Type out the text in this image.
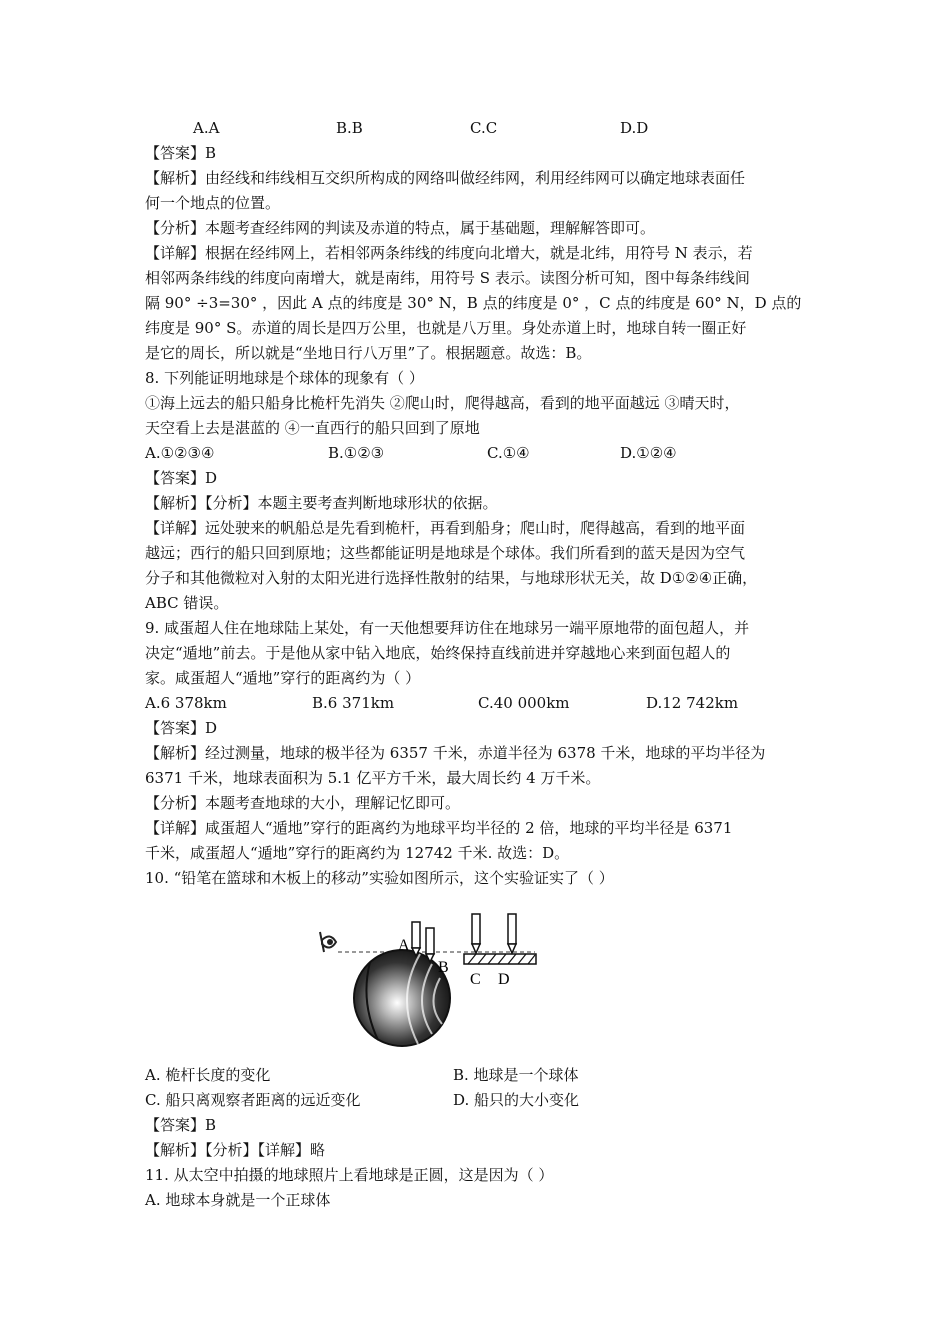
A.A	B.B	C.C	D.D
【答案】B
【解析】由经线和纬线相互交织所构成的网络叫做经纬网，利用经纬网可以确定地球表面任
何一个地点的位置。
【分析】本题考查经纬网的判读及赤道的特点，属于基础题，理解解答即可。
【详解】根据在经纬网上，若相邻两条纬线的纬度向北增大，就是北纬，用符号 N 表示，若
相邻两条纬线的纬度向南增大，就是南纬，用符号 S 表示。读图分析可知，图中每条纬线间
隔 90° ÷3=30° ，因此 A 点的纬度是 30° N，B 点的纬度是 0° ，C 点的纬度是 60° N，D 点的
纬度是 90° S。赤道的周长是四万公里，也就是八万里。身处赤道上时，地球自转一圈正好
是它的周长，所以就是“坐地日行八万里”了。根据题意。故选：B。
8. 下列能证明地球是个球体的现象有（ ）
①海上远去的船只船身比桅杆先消失 ②爬山时，爬得越高，看到的地平面越远 ③晴天时，
天空看上去是湛蓝的 ④一直西行的船只回到了原地
A.①②③④	B.①②③	C.①④	D.①②④
【答案】D
【解析】【分析】本题主要考查判断地球形状的依据。
【详解】远处驶来的帆船总是先看到桅杆，再看到船身；爬山时，爬得越高，看到的地平面
越远；西行的船只回到原地；这些都能证明是地球是个球体。我们所看到的蓝天是因为空气
分子和其他微粒对入射的太阳光进行选择性散射的结果，与地球形状无关，故 D①②④正确，
ABC 错误。
9. 咸蛋超人住在地球陆上某处，有一天他想要拜访住在地球另一端平原地带的面包超人，并
决定“遁地”前去。于是他从家中钻入地底，始终保持直线前进并穿越地心来到面包超人的
家。咸蛋超人“遁地”穿行的距离约为（ ）
A.6 378km	B.6 371km	C.40 000km	D.12 742km
【答案】D
【解析】经过测量，地球的极半径为 6357 千米，赤道半径为 6378 千米，地球的平均半径为
6371 千米，地球表面积为 5.1 亿平方千米，最大周长约 4 万千米。
【分析】本题考查地球的大小，理解记忆即可。
【详解】咸蛋超人“遁地”穿行的距离约为地球平均半径的 2 倍，地球的平均半径是 6371
千米，咸蛋超人“遁地”穿行的距离约为 12742 千米. 故选：D。
10. “铅笔在篮球和木板上的移动”实验如图所示，这个实验证实了（ ）
A
B
C D
A. 桅杆长度的变化	B. 地球是一个球体
C. 船只离观察者距离的远近变化	D. 船只的大小变化
【答案】B
【解析】【分析】【详解】略
11. 从太空中拍摄的地球照片上看地球是正圆，这是因为（ ）
A. 地球本身就是一个正球体
